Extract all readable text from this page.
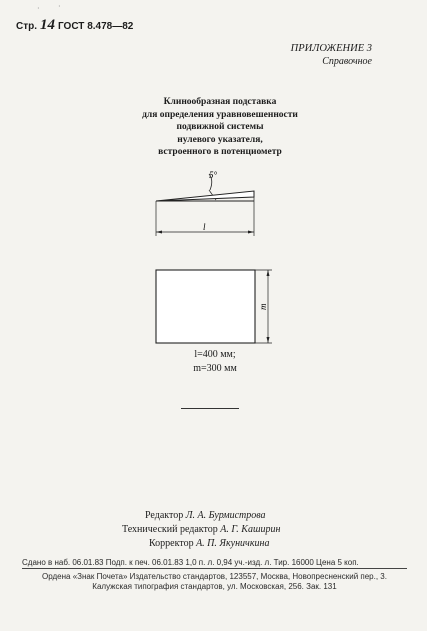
· ·
Стр. 14 ГОСТ 8.478—82
ПРИЛОЖЕНИЕ 3
Справочное
Клинообразная подставка
для определения уравновешенности
подвижной системы
нулевого указателя,
встроенного в потенциометр
5°
l
m
l=400 мм;
m=300 мм
Редактор Л. А. Бурмистрова
Технический редактор А. Г. Каширин
Корректор А. П. Якуничкина
Сдано в наб. 06.01.83 Подп. к печ. 06.01.83 1,0 п. л. 0,94 уч.-изд. л. Тир. 16000 Цена 5 коп.
Ордена «Знак Почета» Издательство стандартов, 123557, Москва, Новопресненский пер., 3.
Калужская типография стандартов, ул. Московская, 256. Зак. 131
